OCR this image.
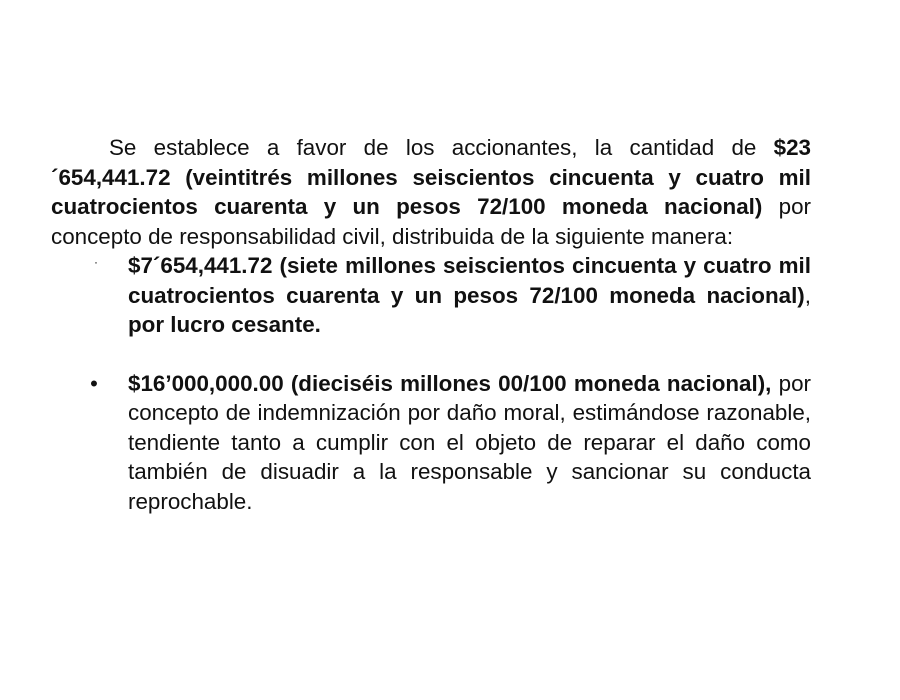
Se establece a favor de los accionantes, la cantidad de $23´654,441.72 (veintitrés millones seiscientos cincuenta y cuatro mil cuatrocientos cuarenta y un pesos 72/100 moneda nacional) por concepto de responsabilidad civil, distribuida de la siguiente manera:

·	$7´654,441.72 (siete millones seiscientos cincuenta y cuatro mil cuatrocientos cuarenta y un pesos 72/100 moneda nacional), por lucro cesante.
• $16’000,000.00 (dieciséis millones 00/100 moneda nacional), por concepto de indemnización por daño moral, estimándose razonable, tendiente tanto a cumplir con el objeto de reparar el daño como también de disuadir a la responsable y sancionar su conducta reprochable.
